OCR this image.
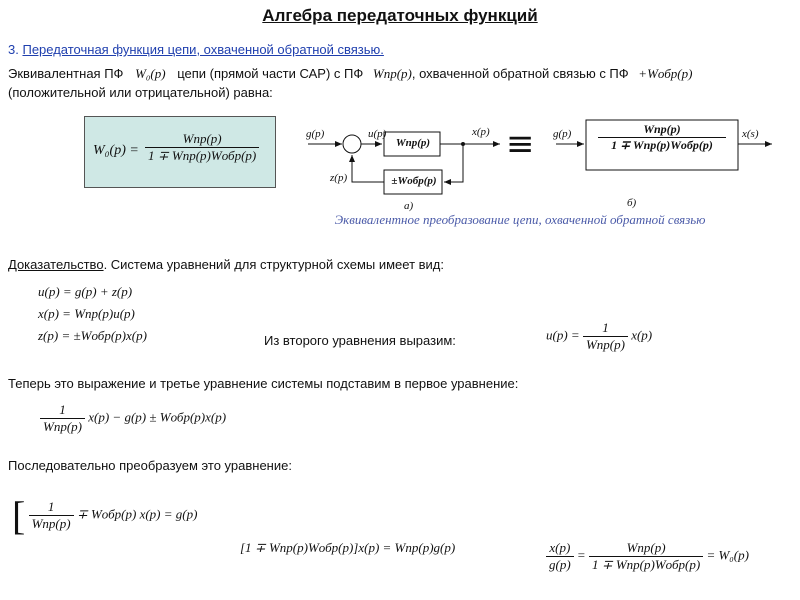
Алгебра передаточных функций
3. Передаточная функция цепи, охваченной обратной связью.
Эквивалентная ПФ W₀(p) цепи (прямой части САР) с ПФ Wпр(p), охваченной обратной связью с ПФ +Wобр(p)
(положительной или отрицательной) равна:
W₀(p) =
Wпр(p)
1 ∓ Wпр(p)Wобр(p)
g(p)	u(p)	x(p)
z(p)
Wпр(p)
±Wобр(p)
а)
≡ g(p)	x(s)
Wпр(p)
1 ∓ Wпр(p)Wобр(p)
б)
Эквивалентное преобразование цепи, охваченной обратной связью
Доказательство. Система уравнений для структурной схемы имеет вид:
u(p) = g(p) + z(p)
x(p) = Wпр(p)u(p)
z(p) = ±Wобр(p)x(p)	Из второго уравнения выразим:	$u(p) = \frac{1}{\text{Wпр(p)}} x(p)$
Теперь это выражение и третье уравнение системы подставим в первое уравнение:
$\frac{1}{\text{Wпр(p)}} x(p) - g(p)$ ± Wобр(p)x(p)
Последовательно преобразуем это уравнение:
[ $\frac{1}{\text{Wпр(p)}}$ ∓ Wобр(p) x(p) = g(p)
[1 ∓ Wпр(p)Wобр(p)]x(p) = Wпр(p)g(p)	$\frac{x(p)}{g(p)} = \frac{\text{Wпр(p)}}{\text{1 ∓ Wпр(p)Wобр(p)}} = W_0(p)$
